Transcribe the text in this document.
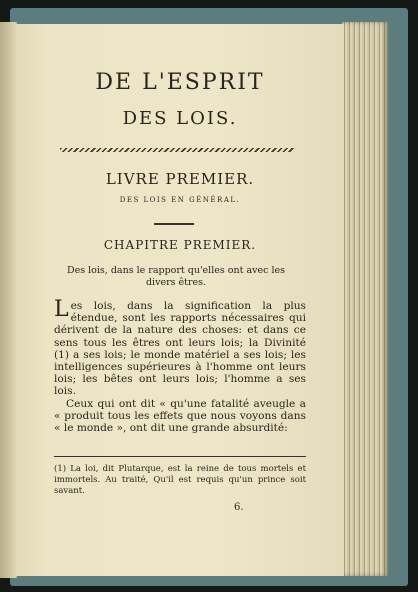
DE L'ESPRIT
DES LOIS.
LIVRE PREMIER.
DES LOIS EN GÉNÉRAL.
CHAPITRE PREMIER.
Des lois, dans le rapport qu'elles ont avec les divers êtres.

Les lois, dans la signification la plus étendue, sont les rapports nécessaires qui dérivent de la nature des choses: et dans ce sens tous les êtres ont leurs lois; la Divinité (1) a ses lois; le monde matériel a ses lois; les intelligences supérieures à l'homme ont leurs lois; les bêtes ont leurs lois; l'homme a ses lois.

Ceux qui ont dit « qu'une fatalité aveugle a « produit tous les effets que nous voyons dans « le monde », ont dit une grande absurdité:

(1) La loi, dit Plutarque, est la reine de tous mortels et immortels. Au traité, Qu'il est requis qu'un prince soit savant.
6.
